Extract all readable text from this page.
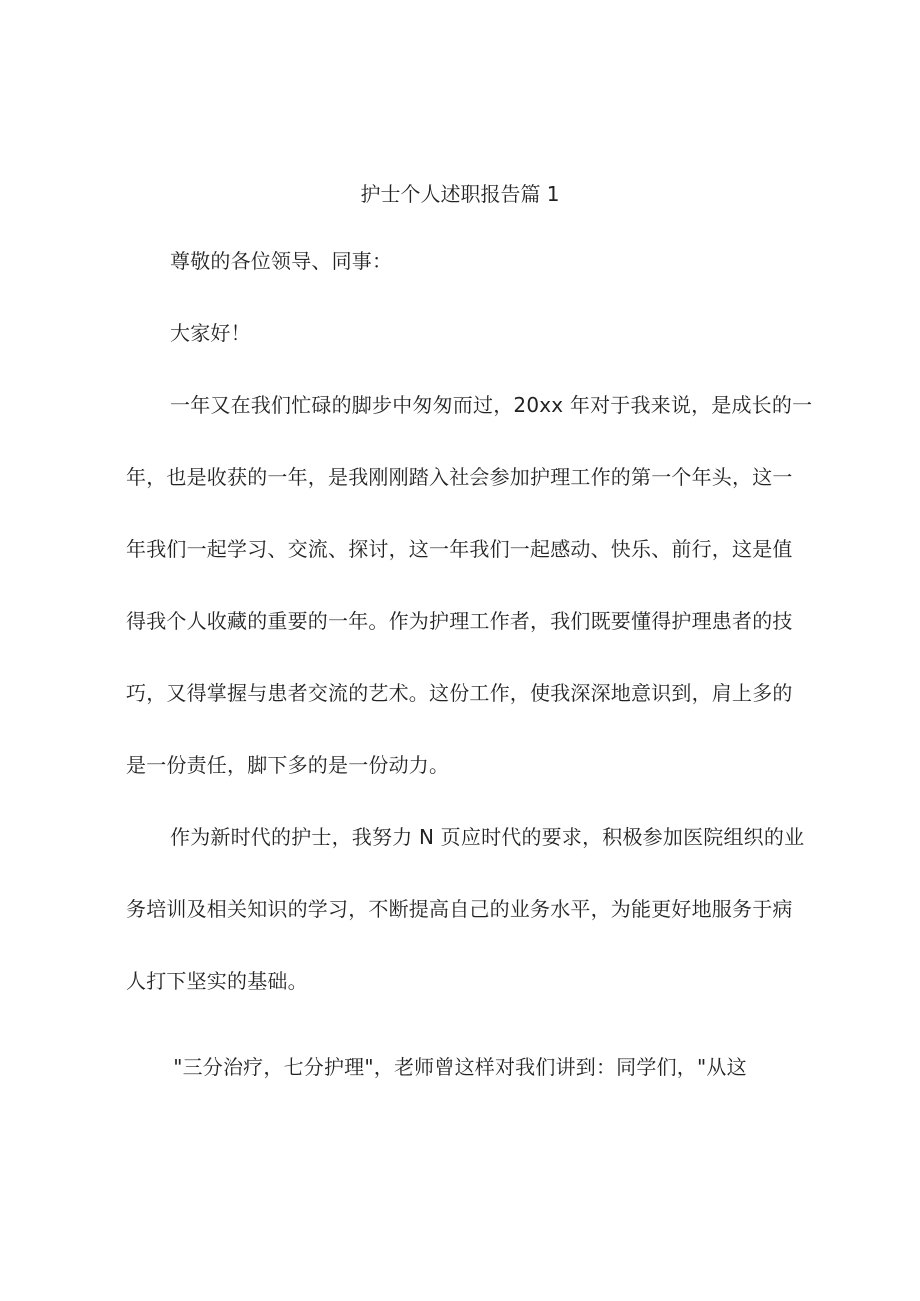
护士个人述职报告篇 1
尊敬的各位领导、同事：
大家好！
一年又在我们忙碌的脚步中匆匆而过，20xx 年对于我来说，是成长的一
年，也是收获的一年，是我刚刚踏入社会参加护理工作的第一个年头，这一
年我们一起学习、交流、探讨，这一年我们一起感动、快乐、前行，这是值
得我个人收藏的重要的一年。作为护理工作者，我们既要懂得护理患者的技
巧，又得掌握与患者交流的艺术。这份工作，使我深深地意识到，肩上多的
是一份责任，脚下多的是一份动力。
作为新时代的护士，我努力 N 页应时代的要求，积极参加医院组织的业
务培训及相关知识的学习，不断提高自己的业务水平，为能更好地服务于病
人打下坚实的基础。
"三分治疗，七分护理"，老师曾这样对我们讲到：同学们，"从这
